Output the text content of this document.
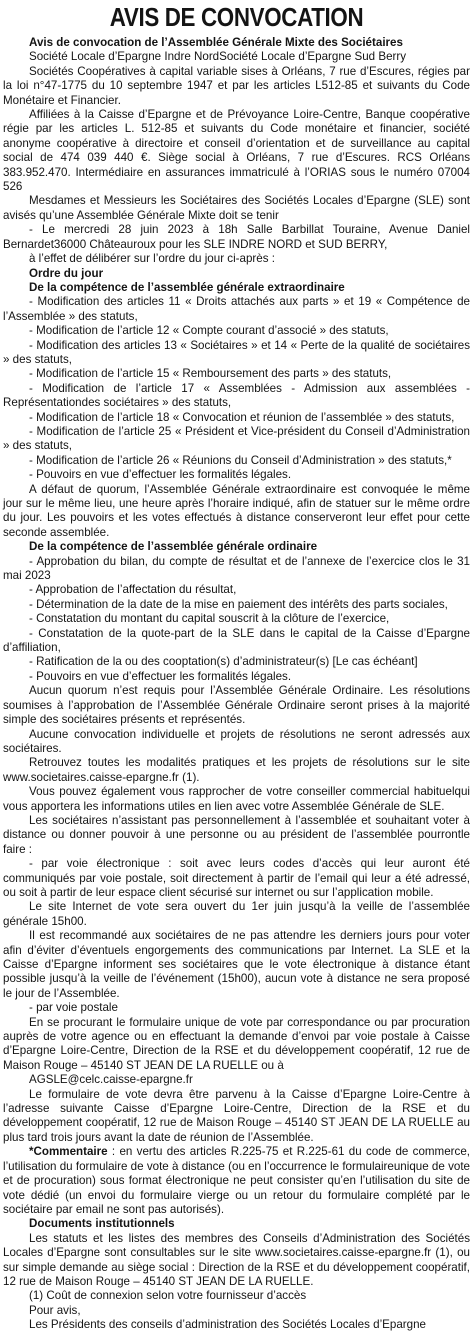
AVIS DE CONVOCATION

Avis de convocation de l’Assemblée Générale Mixte des Sociétaires

Société Locale d’Epargne Indre NordSociété Locale d’Epargne Sud Berry

Sociétés Coopératives à capital variable sises à Orléans, 7 rue d’Escures, régies par la loi n°47-1775 du 10 septembre 1947 et par les articles L512-85 et suivants du Code Monétaire et Financier.

Affiliées à la Caisse d’Epargne et de Prévoyance Loire-Centre, Banque coopérative régie par les articles L. 512-85 et suivants du Code monétaire et financier, société anonyme coopérative à directoire et conseil d’orientation et de surveillance au capital social de 474 039 440 €. Siège social à Orléans, 7 rue d’Escures. RCS Orléans 383.952.470. Intermédiaire en assurances immatriculé à l’ORIAS sous le numéro 07004 526

Mesdames et Messieurs les Sociétaires des Sociétés Locales d’Epargne (SLE) sont avisés qu’une Assemblée Générale Mixte doit se tenir

- Le mercredi 28 juin 2023 à 18h Salle Barbillat Touraine, Avenue Daniel Bernardet36000 Châteauroux pour les SLE INDRE NORD et SUD BERRY,

à l’effet de délibérer sur l’ordre du jour ci-après :

Ordre du jour

De la compétence de l’assemblée générale extraordinaire

- Modification des articles 11 « Droits attachés aux parts » et 19 « Compétence de l’Assemblée » des statuts,

- Modification de l’article 12 « Compte courant d’associé » des statuts,

- Modification des articles 13 « Sociétaires » et 14 « Perte de la qualité de sociétaires » des statuts,

- Modification de l’article 15 « Remboursement des parts » des statuts,

- Modification de l’article 17 « Assemblées - Admission aux assemblées - Représentationdes sociétaires » des statuts,

- Modification de l’article 18 « Convocation et réunion de l’assemblée » des statuts,

- Modification de l’article 25 « Président et Vice-président du Conseil d’Administration » des statuts,

- Modification de l’article 26 « Réunions du Conseil d’Administration » des statuts,*

- Pouvoirs en vue d’effectuer les formalités légales.

A défaut de quorum, l’Assemblée Générale extraordinaire est convoquée le même jour sur le même lieu, une heure après l’horaire indiqué, afin de statuer sur le même ordre du jour. Les pouvoirs et les votes effectués à distance conserveront leur effet pour cette seconde assemblée.

De la compétence de l’assemblée générale ordinaire

- Approbation du bilan, du compte de résultat et de l’annexe de l’exercice clos le 31 mai 2023

- Approbation de l’affectation du résultat,

- Détermination de la date de la mise en paiement des intérêts des parts sociales,

- Constatation du montant du capital souscrit à la clôture de l’exercice,

- Constatation de la quote-part de la SLE dans le capital de la Caisse d’Epargne d’affiliation,

- Ratification de la ou des cooptation(s) d’administrateur(s) [Le cas échéant]

- Pouvoirs en vue d’effectuer les formalités légales.

Aucun quorum n’est requis pour l’Assemblée Générale Ordinaire. Les résolutions soumises à l’approbation de l’Assemblée Générale Ordinaire seront prises à la majorité simple des sociétaires présents et représentés.

Aucune convocation individuelle et projets de résolutions ne seront adressés aux sociétaires.

Retrouvez toutes les modalités pratiques et les projets de résolutions sur le site www.societaires.caisse-epargne.fr (1).

Vous pouvez également vous rapprocher de votre conseiller commercial habituelqui vous apportera les informations utiles en lien avec votre Assemblée Générale de SLE.

Les sociétaires n’assistant pas personnellement à l’assemblée et souhaitant voter à distance ou donner pouvoir à une personne ou au président de l’assemblée pourrontle faire :

- par voie électronique : soit avec leurs codes d’accès qui leur auront été communiqués par voie postale, soit directement à partir de l’email qui leur a été adressé, ou soit à partir de leur espace client sécurisé sur internet ou sur l’application mobile.

Le site Internet de vote sera ouvert du 1er juin jusqu’à la veille de l’assemblée générale 15h00.

Il est recommandé aux sociétaires de ne pas attendre les derniers jours pour voter afin d’éviter d’éventuels engorgements des communications par Internet. La SLE et la Caisse d’Epargne informent ses sociétaires que le vote électronique à distance étant possible jusqu’à la veille de l’événement (15h00), aucun vote à distance ne sera proposé le jour de l’Assemblée.

- par voie postale

En se procurant le formulaire unique de vote par correspondance ou par procuration auprès de votre agence ou en effectuant la demande d’envoi par voie postale à Caisse d’Epargne Loire-Centre, Direction de la RSE et du développement coopératif, 12 rue de Maison Rouge – 45140 ST JEAN DE LA RUELLE ou à

AGSLE@celc.caisse-epargne.fr

Le formulaire de vote devra être parvenu à la Caisse d’Epargne Loire-Centre à l’adresse suivante Caisse d’Epargne Loire-Centre, Direction de la RSE et du développement coopératif, 12 rue de Maison Rouge – 45140 ST JEAN DE LA RUELLE au plus tard trois jours avant la date de réunion de l’Assemblée.

*Commentaire : en vertu des articles R.225-75 et R.225-61 du code de commerce, l’utilisation du formulaire de vote à distance (ou en l’occurrence le formulaireunique de vote et de procuration) sous format électronique ne peut consister qu’en l’utilisation du site de vote dédié (un envoi du formulaire vierge ou un retour du formulaire complété par le sociétaire par email ne sont pas autorisés).

Documents institutionnels

Les statuts et les listes des membres des Conseils d’Administration des Sociétés Locales d’Epargne sont consultables sur le site www.societaires.caisse-epargne.fr (1), ou sur simple demande au siège social : Direction de la RSE et du développement coopératif, 12 rue de Maison Rouge – 45140 ST JEAN DE LA RUELLE.

(1) Coût de connexion selon votre fournisseur d’accès

Pour avis,

Les Présidents des conseils d’administration des Sociétés Locales d’Epargne
